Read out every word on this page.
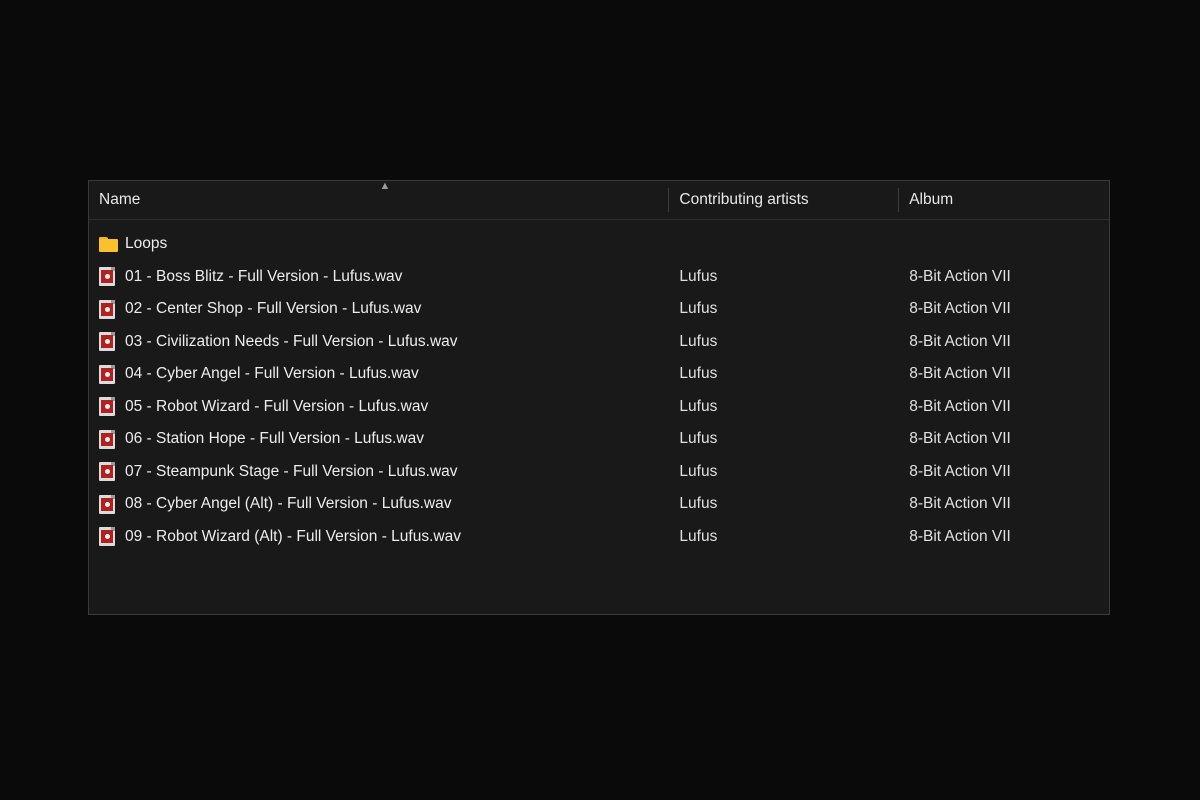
Name	Contributing artists	Album
▲
Loops
01 - Boss Blitz - Full Version - Lufus.wav	Lufus	8-Bit Action VII
02 - Center Shop - Full Version - Lufus.wav	Lufus	8-Bit Action VII
03 - Civilization Needs - Full Version - Lufus.wav	Lufus	8-Bit Action VII
04 - Cyber Angel - Full Version - Lufus.wav	Lufus	8-Bit Action VII
05 - Robot Wizard - Full Version - Lufus.wav	Lufus	8-Bit Action VII
06 - Station Hope - Full Version - Lufus.wav	Lufus	8-Bit Action VII
07 - Steampunk Stage - Full Version - Lufus.wav	Lufus	8-Bit Action VII
08 - Cyber Angel (Alt) - Full Version - Lufus.wav	Lufus	8-Bit Action VII
09 - Robot Wizard (Alt) - Full Version - Lufus.wav	Lufus	8-Bit Action VII
